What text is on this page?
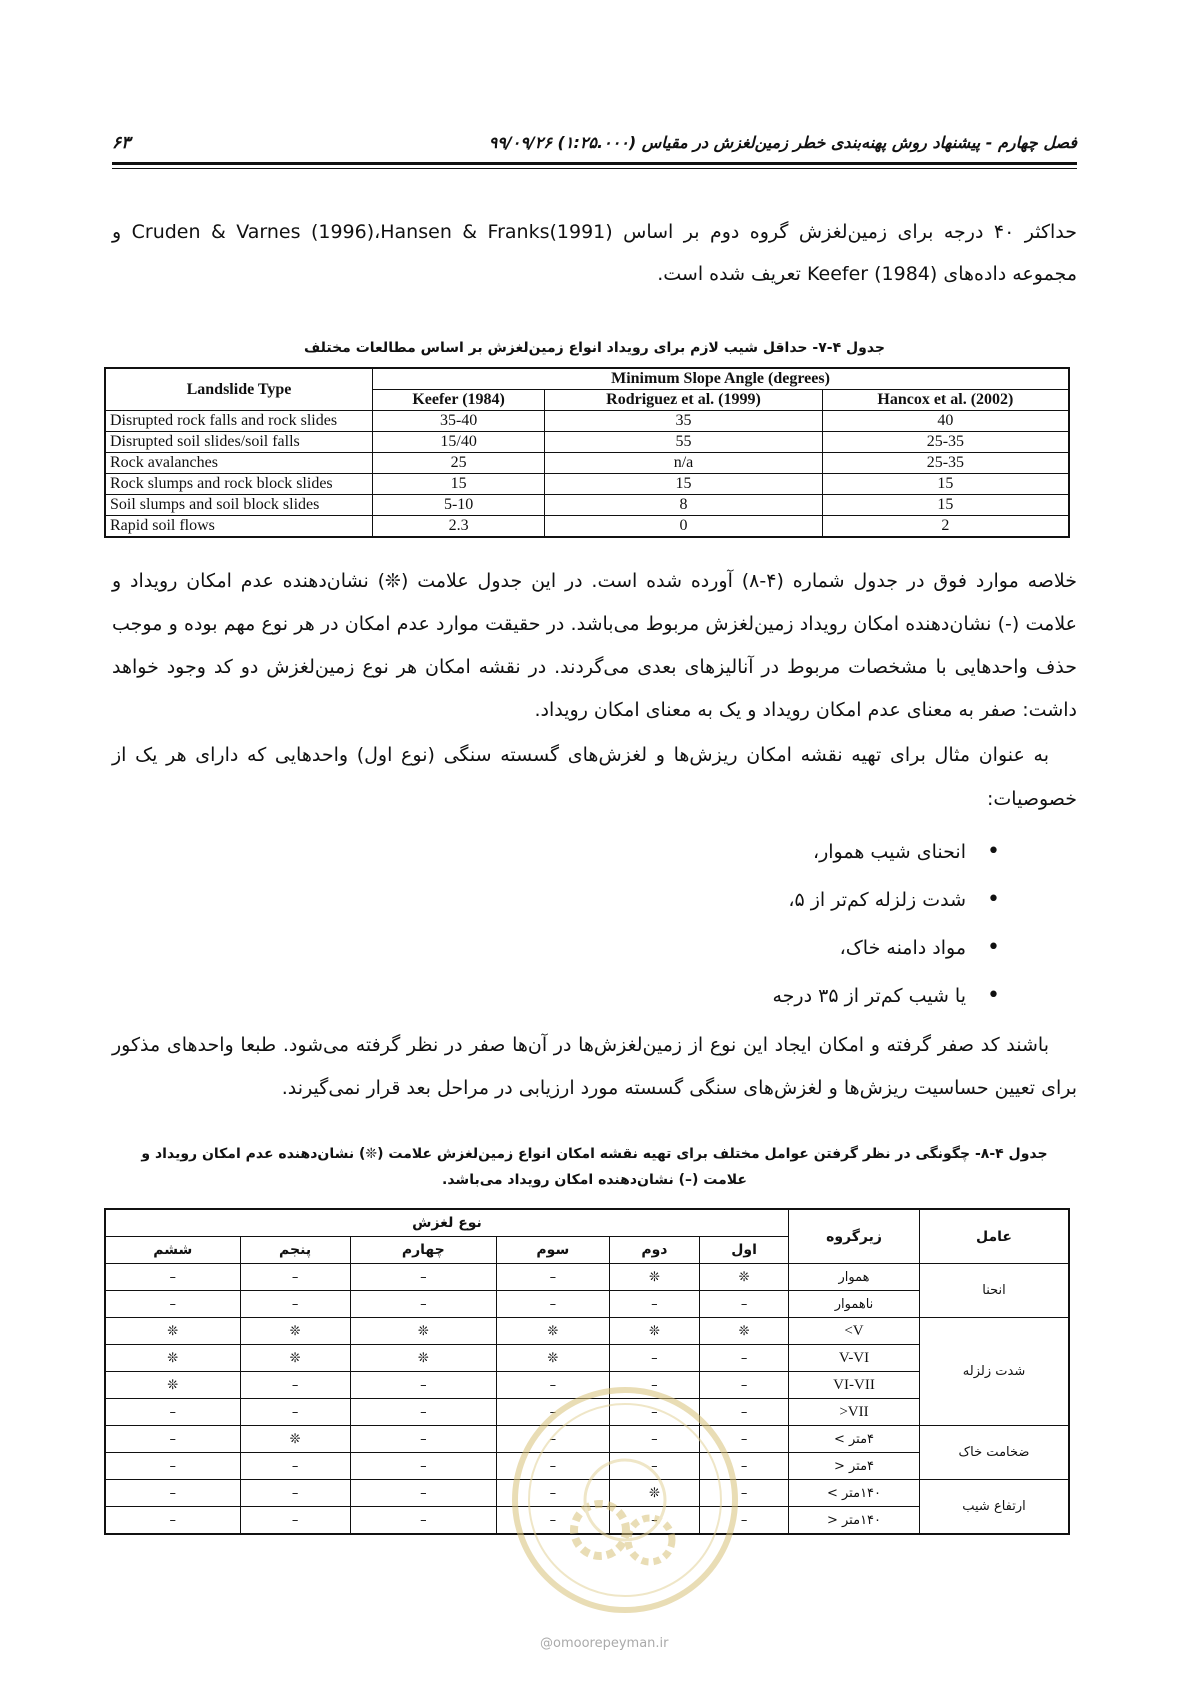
فصل چهارم - پیشنهاد روش پهنه‌بندی خطر زمین‌لغزش در مقیاس (۱:۲۵.۰۰۰) ۹۹/۰۹/۲۶
۶۳
حداکثر ۴۰ درجه برای زمین‌لغزش گروه دوم بر اساس Cruden & Varnes (1996)،Hansen & Franks(1991) و
مجموعه داده‌های Keefer (1984) تعریف شده است.
جدول ۴-۷- حداقل شیب لازم برای رویداد انواع زمین‌لغزش بر اساس مطالعات مختلف
Landslide Type	Minimum Slope Angle (degrees)		
	Keefer (1984)	Rodriguez et al. (1999)	Hancox et al. (2002)
Disrupted rock falls and rock slides	35-40	35	40
Disrupted soil slides/soil falls	15/40	55	25-35
Rock avalanches	25	n/a	25-35
Rock slumps and rock block slides	15	15	15
Soil slumps and soil block slides	5-10	8	15
Rapid soil flows	2.3	0	2
خلاصه موارد فوق در جدول شماره (۴-۸) آورده شده است. در این جدول علامت (❊) نشان‌دهنده عدم امکان رویداد و علامت (-) نشان‌دهنده امکان رویداد زمین‌لغزش مربوط می‌باشد. در حقیقت موارد عدم امکان در هر نوع مهم بوده و موجب حذف واحدهایی با مشخصات مربوط در آنالیزهای بعدی می‌گردند. در نقشه امکان هر نوع زمین‌لغزش دو کد وجود خواهد داشت: صفر به معنای عدم امکان رویداد و یک به معنای امکان رویداد.
به عنوان مثال برای تهیه نقشه امکان ریزش‌ها و لغزش‌های گسسته سنگی (نوع اول) واحدهایی که دارای هر یک از خصوصیات:
• انحنای شیب هموار،
• شدت زلزله کم‌تر از ۵،
• مواد دامنه خاک،
• یا شیب کم‌تر از ۳۵ درجه
باشند کد صفر گرفته و امکان ایجاد این نوع از زمین‌لغزش‌ها در آن‌ها صفر در نظر گرفته می‌شود. طبعا واحدهای مذکور برای تعیین حساسیت ریزش‌ها و لغزش‌های سنگی گسسته مورد ارزیابی در مراحل بعد قرار نمی‌گیرند.
جدول ۴-۸- چگونگی در نظر گرفتن عوامل مختلف برای تهیه نقشه امکان انواع زمین‌لغزش علامت (❊) نشان‌دهنده عدم امکان رویداد و
علامت (–) نشان‌دهنده امکان رویداد می‌باشد.
عامل	زیرگروه	نوع لغزش					
		اول	دوم	سوم	چهارم	پنجم	ششم
انحنا	هموار	❊	❊	–	–	–	–
	ناهموار	–	–	–	–	–	–
شدت زلزله	<V	❊	❊	❊	❊	❊	❊
	V-VI	–	–	❊	❊	❊	❊
	VI-VII	–	–	–	–	–	❊
	>VII	–	–	–	–	–	–
ضخامت خاک	۴متر >	–	–	–	–	❊	–
	۴متر <	–	–	–	–	–	–
ارتفاع شیب	۱۴۰متر >	–	❊	–	–	–	–
	۱۴۰متر <	–	–	–	–	–	–
@omoorepeyman.ir
